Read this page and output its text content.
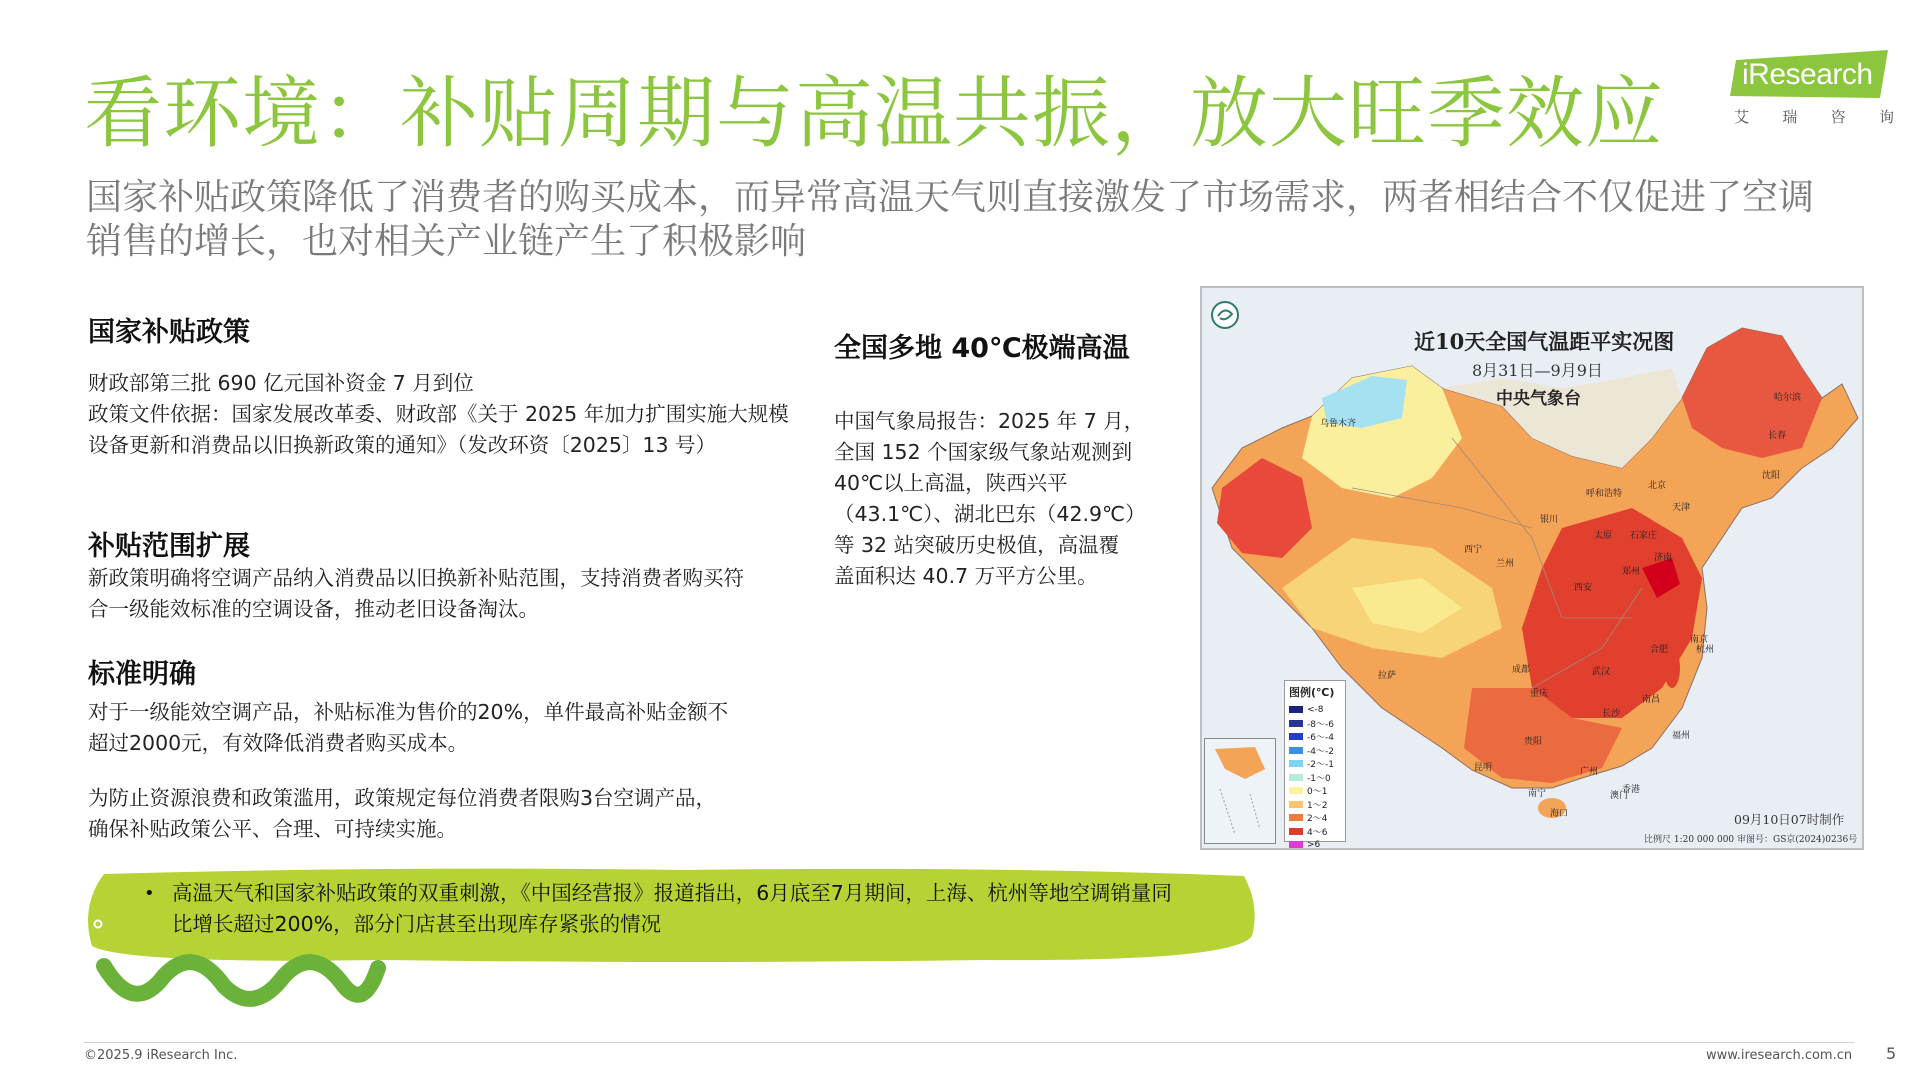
看环境：补贴周期与高温共振，放大旺季效应
国家补贴政策降低了消费者的购买成本，而异常高温天气则直接激发了市场需求，两者相结合不仅促进了空调
销售的增长，也对相关产业链产生了积极影响
iResearch
艾 瑞 咨 询
国家补贴政策
财政部第三批 690 亿元国补资金 7 月到位
政策文件依据：国家发展改革委、财政部《关于 2025 年加力扩围实施大规模
设备更新和消费品以旧换新政策的通知》（发改环资〔2025〕13 号）
补贴范围扩展
新政策明确将空调产品纳入消费品以旧换新补贴范围，支持消费者购买符
合一级能效标准的空调设备，推动老旧设备淘汰。
标准明确
对于一级能效空调产品，补贴标准为售价的20%，单件最高补贴金额不
超过2000元，有效降低消费者购买成本。
为防止资源浪费和政策滥用，政策规定每位消费者限购3台空调产品，
确保补贴政策公平、合理、可持续实施。
全国多地 40℃极端高温
中国气象局报告：2025 年 7 月，
全国 152 个国家级气象站观测到
40℃以上高温，陕西兴平
（43.1℃）、湖北巴东（42.9℃）
等 32 站突破历史极值，高温覆
盖面积达 40.7 万平方公里。
近10天全国气温距平实况图
8月31日—9月9日
中央气象台
图例(℃)
<-8
-8～-6
-6～-4
-4～-2
-2～-1
-1～0
0～1
1～2
2～4
4～6
>6
09月10日07时制作
比例尺 1:20 000 000 审图号：GS京(2024)0236号
乌鲁木齐
哈尔滨
长春
沈阳
呼和浩特
北京
天津
银川
太原 石家庄
济南
西宁
兰州
郑州
西安
南京
合肥
拉萨
成都	武汉
重庆
长沙
南昌
杭州
贵阳
福州
昆明
南宁
广州
澳门
香港
海口
• 高温天气和国家补贴政策的双重刺激，《中国经营报》报道指出，6月底至7月期间，上海、杭州等地空调销量同
比增长超过200%，部分门店甚至出现库存紧张的情况
©2025.9 iResearch Inc.	www.iresearch.com.cn 5
